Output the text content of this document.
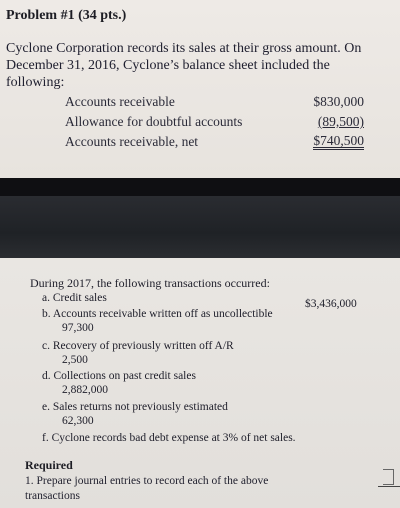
Problem #1 (34 pts.)
Cyclone Corporation records its sales at their gross amount. On
December 31, 2016, Cyclone’s balance sheet included the
following:
Accounts receivable	$830,000
Allowance for doubtful accounts	(89,500)
Accounts receivable, net	$740,500
During 2017, the following transactions occurred:
a. Credit sales	$3,436,000
b. Accounts receivable written off as uncollectible
97,300
c. Recovery of previously written off A/R
2,500
d. Collections on past credit sales
2,882,000
e. Sales returns not previously estimated
62,300
f. Cyclone records bad debt expense at 3% of net sales.
Required
1. Prepare journal entries to record each of the above
transactions
